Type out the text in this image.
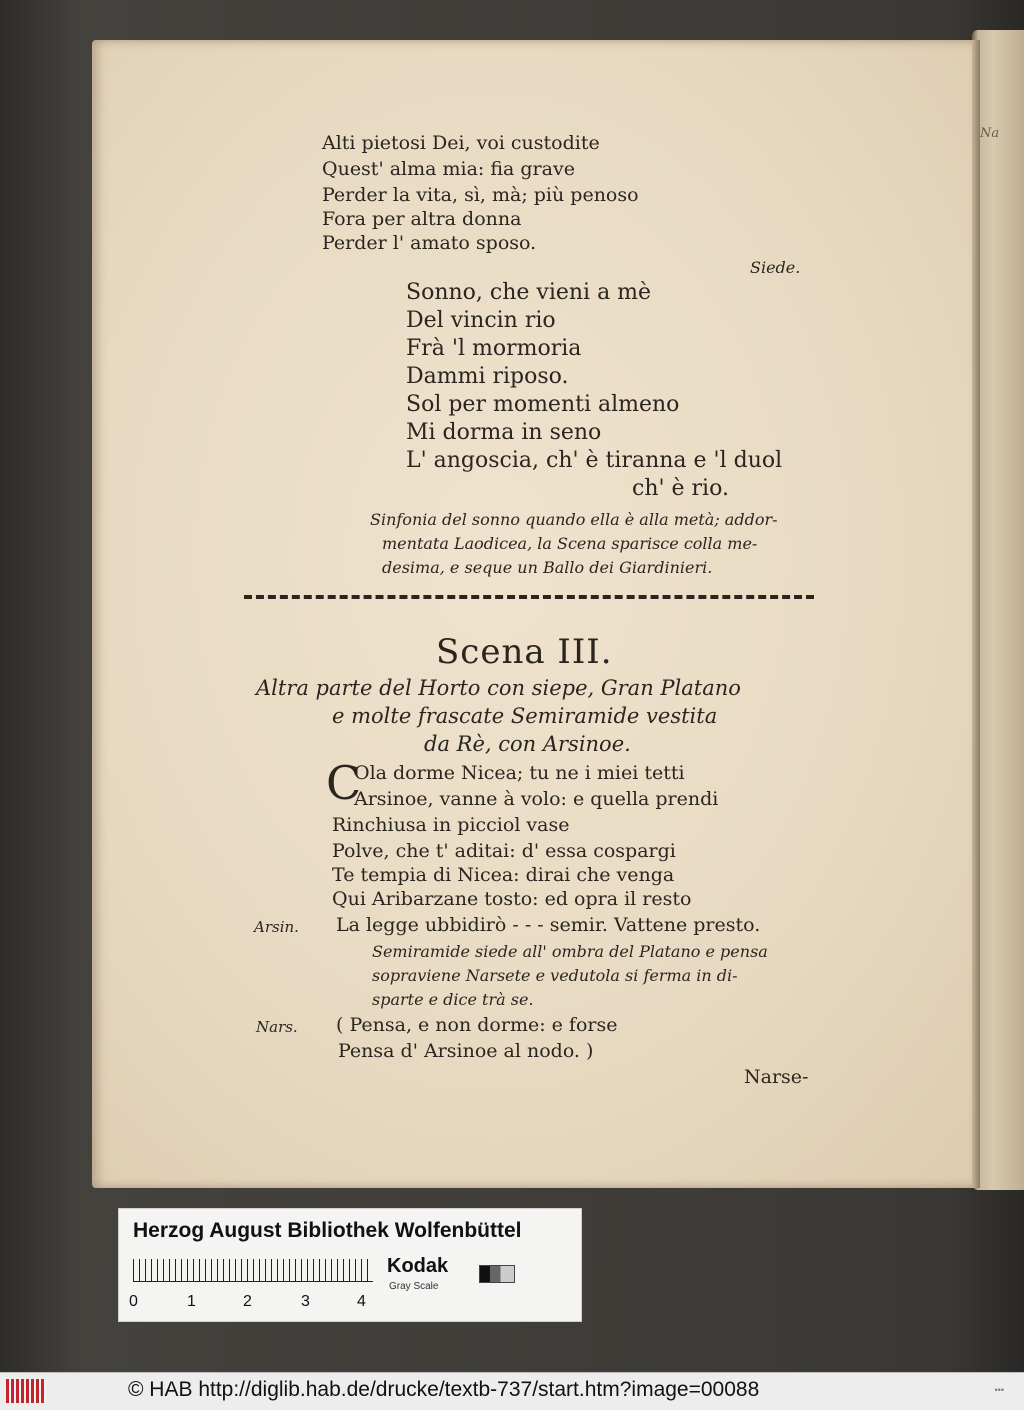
Alti pietosi Dei, voi custodite
Quest' alma mia: fia grave
Perder la vita, sì, mà; più penoso
Fora per altra donna
Perder l' amato sposo.
Siede.
Sonno, che vieni a mè
Del vincin rio
Frà 'l mormoria
Dammi riposo.
Sol per momenti almeno
Mi dorma in seno
L' angoscia, ch' è tiranna e 'l duol
ch' è rio.
Sinfonia del sonno quando ella è alla metà; addor-
mentata Laodicea, la Scena sparisce colla me-
desima, e seque un Ballo dei Giardinieri.
Scena III.
Altra parte del Horto con siepe, Gran Platano
e molte frascate Semiramide vestita
da Rè, con Arsinoe.
C
Ola dorme Nicea; tu ne i miei tetti
Arsinoe, vanne à volo: e quella prendi
Rinchiusa in picciol vase
Polve, che t' aditai: d' essa cospargi
Te tempia di Nicea: dirai che venga
Qui Aribarzane tosto: ed opra il resto
Arsin. La legge ubbidirò - - - semir. Vattene presto.
Semiramide siede all' ombra del Platano e pensa
sopraviene Narsete e vedutola si ferma in di-
sparte e dice trà se.
Nars. ( Pensa, e non dorme: e forse
Pensa d' Arsinoe al nodo. )
Narse-
Na
Herzog August Bibliothek Wolfenbüttel
0	1	2	3	4
Kodak
Gray Scale
© HAB http://diglib.hab.de/drucke/textb-737/start.htm?image=00088	•••
